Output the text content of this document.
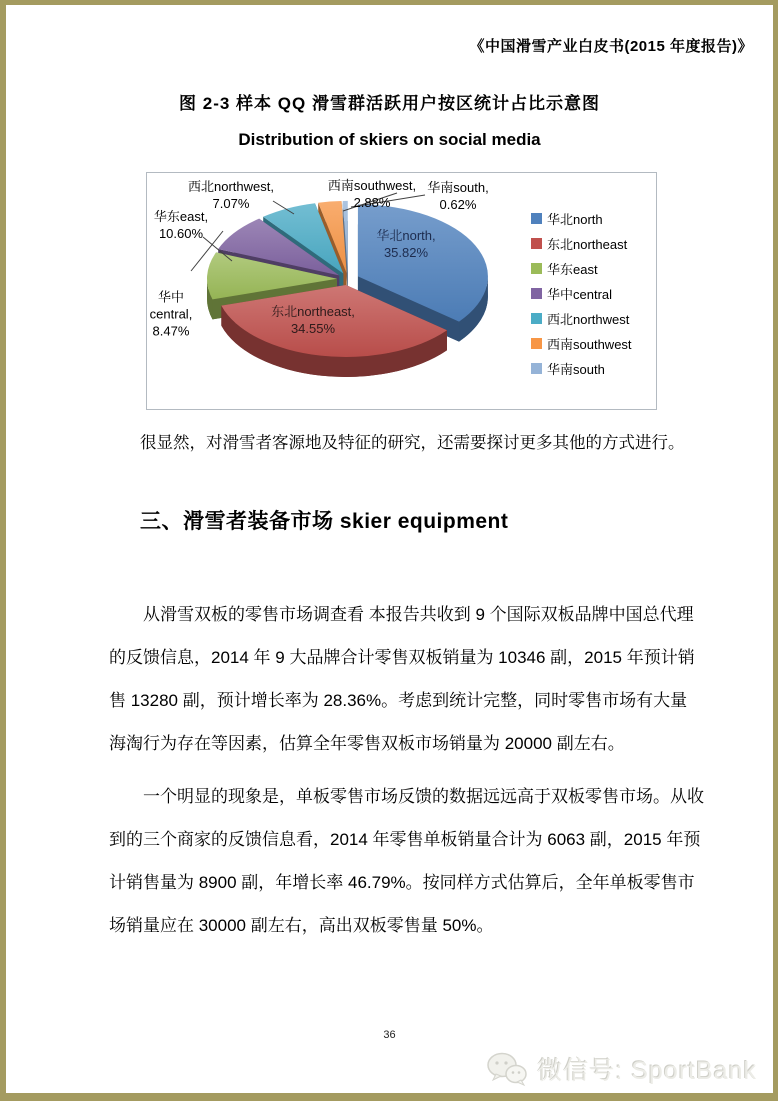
《中国滑雪产业白皮书(2015 年度报告)》
图 2-3 样本 QQ 滑雪群活跃用户按区统计占比示意图
Distribution of skiers on social media
华北north,
35.82%
东北northeast,
34.55%
华东east,
10.60%
华中
central,
8.47%
西北northwest,
7.07%
西南southwest,
2.88%
华南south,
0.62%
华北north
东北northeast
华东east
华中central
西北northwest
西南southwest
华南south

很显然，对滑雪者客源地及特征的研究，还需要探讨更多其他的方式进行。

三、滑雪者装备市场 skier equipment
从滑雪双板的零售市场调查看 本报告共收到 9 个国际双板品牌中国总代理
的反馈信息，2014 年 9 大品牌合计零售双板销量为 10346 副，2015 年预计销
售 13280 副，预计增长率为 28.36%。考虑到统计完整，同时零售市场有大量
海淘行为存在等因素，估算全年零售双板市场销量为 20000 副左右。
一个明显的现象是，单板零售市场反馈的数据远远高于双板零售市场。从收
到的三个商家的反馈信息看，2014 年零售单板销量合计为 6063 副，2015 年预
计销售量为 8900 副，年增长率 46.79%。按同样方式估算后，全年单板零售市
场销量应在 30000 副左右，高出双板零售量 50%。
36
微信号: SportBank
